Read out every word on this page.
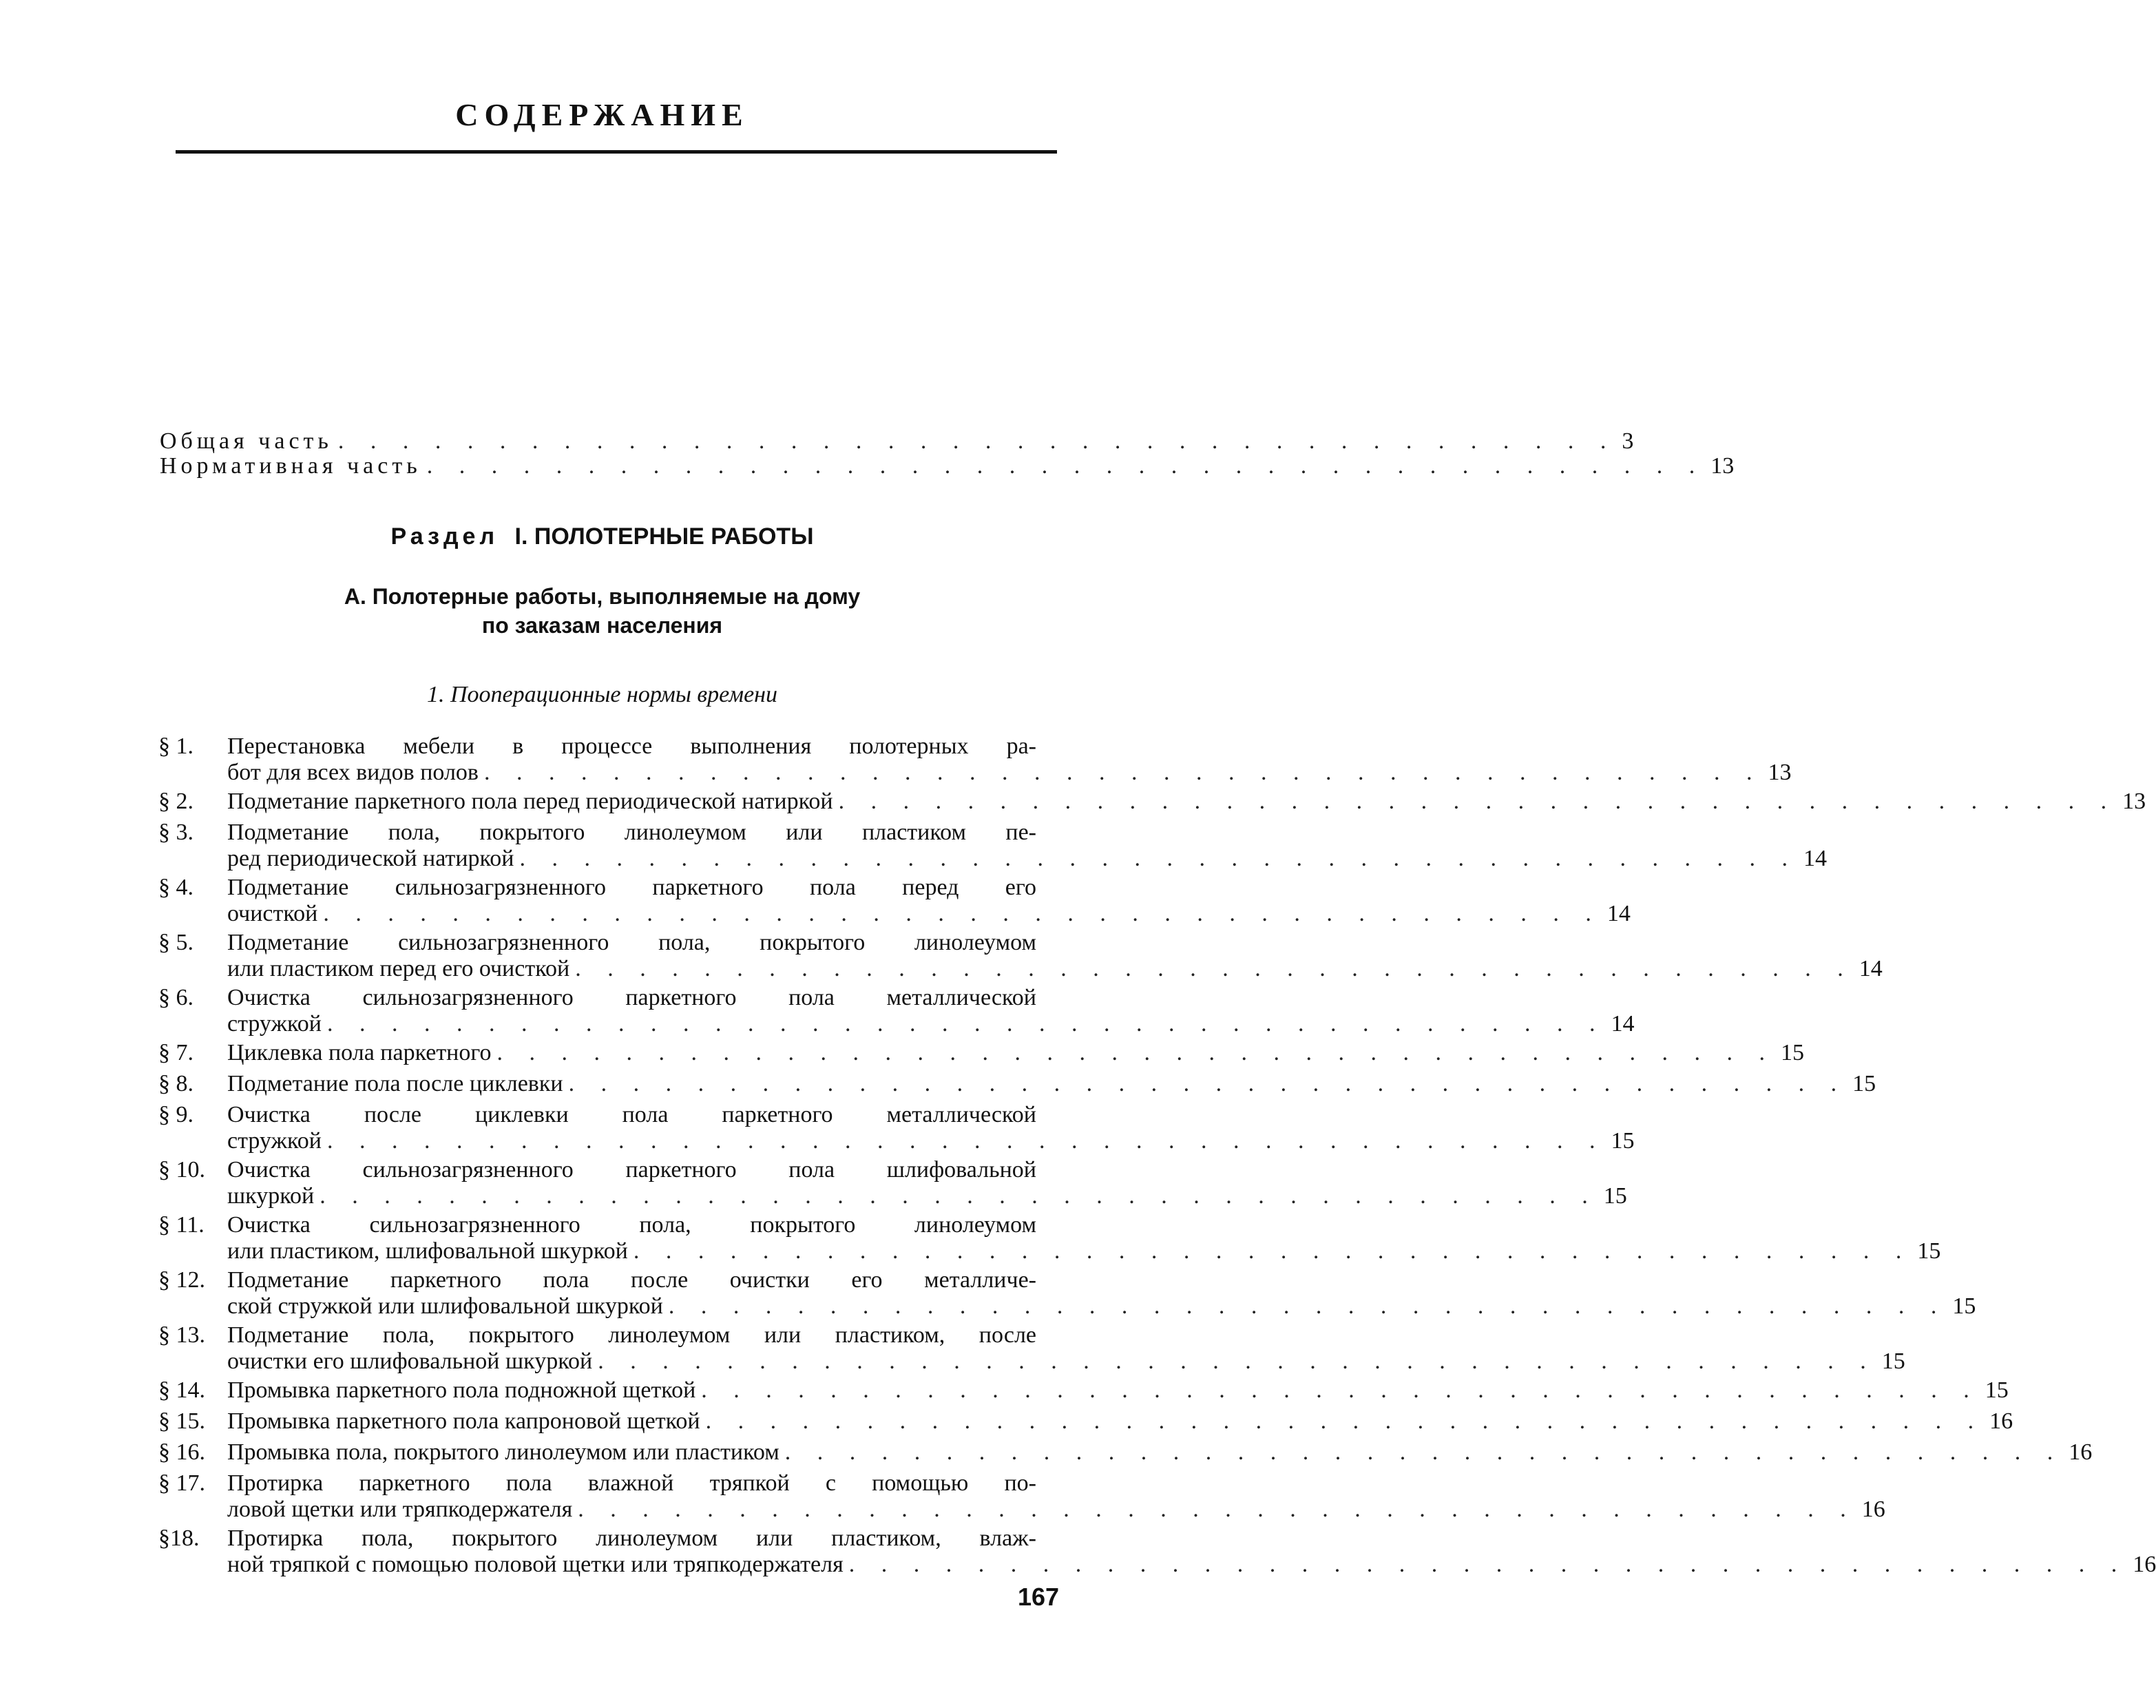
СОДЕРЖАНИЕ
Общая часть . . . . . . . . . . . . . . . . . . . . . . . . . . . . . . . . . . . . . . . . 3
Нормативная часть . . . . . . . . . . . . . . . . . . . . . . . . . . . . . . . . . . . . . . . . 13
Раздел I. ПОЛОТЕРНЫЕ РАБОТЫ
А. Полотерные работы, выполняемые на дому
по заказам населения
1. Пооперационные нормы времени
§ 1.	Перестановка мебели в процессе выполнения полотерных ра-
бот для всех видов полов . . . . . . . . . . . . . . . . . . . . . . . . . . . . . . . . . . . . . . . . 13
§ 2.	Подметание паркетного пола перед периодической натиркой . . . . . . . . . . . . . . . . . . . . . . . . . . . . . . . . . . . . . . . . 13
§ 3.	Подметание пола, покрытого линолеумом или пластиком пе-
ред периодической натиркой . . . . . . . . . . . . . . . . . . . . . . . . . . . . . . . . . . . . . . . . 14
§ 4.	Подметание сильнозагрязненного паркетного пола перед его
очисткой . . . . . . . . . . . . . . . . . . . . . . . . . . . . . . . . . . . . . . . . 14
§ 5.	Подметание сильнозагрязненного пола, покрытого линолеумом
или пластиком перед его очисткой . . . . . . . . . . . . . . . . . . . . . . . . . . . . . . . . . . . . . . . . 14
§ 6.	Очистка сильнозагрязненного паркетного пола металлической
стружкой . . . . . . . . . . . . . . . . . . . . . . . . . . . . . . . . . . . . . . . . 14
§ 7.	Циклевка пола паркетного . . . . . . . . . . . . . . . . . . . . . . . . . . . . . . . . . . . . . . . . 15
§ 8.	Подметание пола после циклевки . . . . . . . . . . . . . . . . . . . . . . . . . . . . . . . . . . . . . . . . 15
§ 9.	Очистка после циклевки пола паркетного металлической
стружкой . . . . . . . . . . . . . . . . . . . . . . . . . . . . . . . . . . . . . . . . 15
§ 10. Очистка сильнозагрязненного паркетного пола шлифовальной
шкуркой . . . . . . . . . . . . . . . . . . . . . . . . . . . . . . . . . . . . . . . . 15
§ 11. Очистка сильнозагрязненного пола, покрытого линолеумом
или пластиком, шлифовальной шкуркой . . . . . . . . . . . . . . . . . . . . . . . . . . . . . . . . . . . . . . . . 15
§ 12. Подметание паркетного пола после очистки его металличе-
ской стружкой или шлифовальной шкуркой . . . . . . . . . . . . . . . . . . . . . . . . . . . . . . . . . . . . . . . . 15
§ 13. Подметание пола, покрытого линолеумом или пластиком, после
очистки его шлифовальной шкуркой . . . . . . . . . . . . . . . . . . . . . . . . . . . . . . . . . . . . . . . . 15
§ 14. Промывка паркетного пола подножной щеткой . . . . . . . . . . . . . . . . . . . . . . . . . . . . . . . . . . . . . . . . 15
§ 15. Промывка паркетного пола капроновой щеткой . . . . . . . . . . . . . . . . . . . . . . . . . . . . . . . . . . . . . . . . 16
§ 16. Промывка пола, покрытого линолеумом или пластиком . . . . . . . . . . . . . . . . . . . . . . . . . . . . . . . . . . . . . . . . 16
§ 17. Протирка паркетного пола влажной тряпкой с помощью по-
ловой щетки или тряпкодержателя . . . . . . . . . . . . . . . . . . . . . . . . . . . . . . . . . . . . . . . . 16
§18.	Протирка пола, покрытого линолеумом или пластиком, влаж-
ной тряпкой с помощью половой щетки или тряпкодержателя . . . . . . . . . . . . . . . . . . . . . . . . . . . . . . . . . . . . . . . . 16
167
